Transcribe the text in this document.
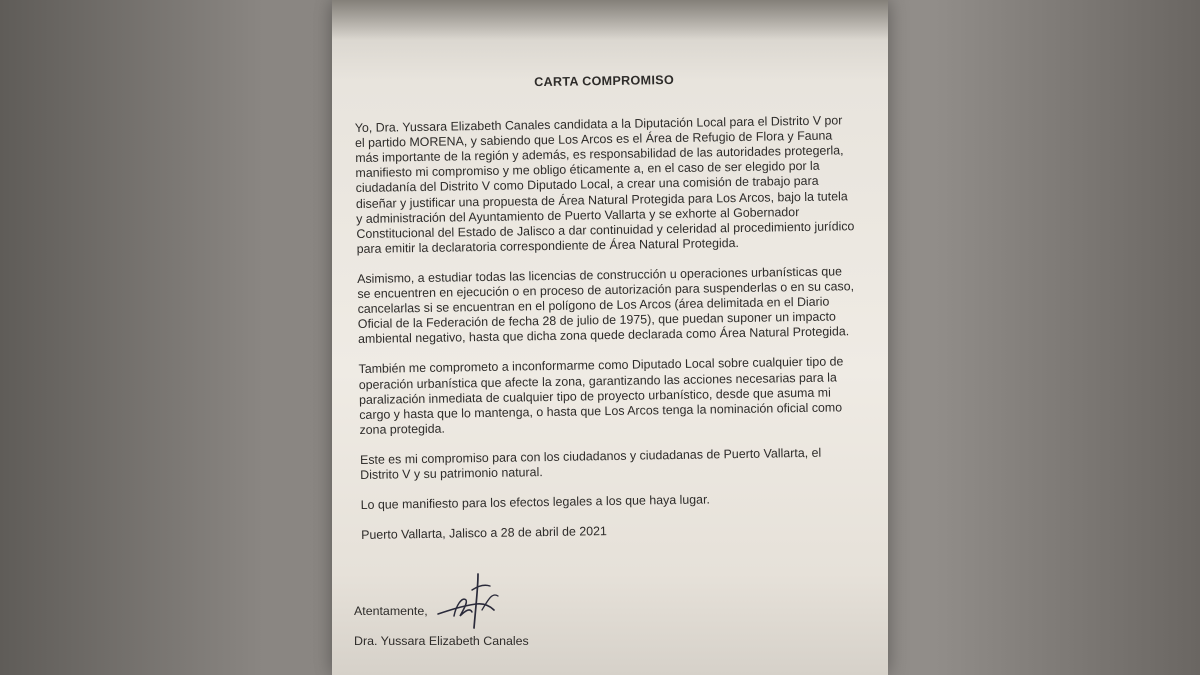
CARTA COMPROMISO

Yo, Dra. Yussara Elizabeth Canales candidata a la Diputación Local para el Distrito V por el partido MORENA, y sabiendo que Los Arcos es el Área de Refugio de Flora y Fauna más importante de la región y además, es responsabilidad de las autoridades protegerla, manifiesto mi compromiso y me obligo éticamente a, en el caso de ser elegido por la ciudadanía del Distrito V como Diputado Local, a crear una comisión de trabajo para diseñar y justificar una propuesta de Área Natural Protegida para Los Arcos, bajo la tutela y administración del Ayuntamiento de Puerto Vallarta y se exhorte al Gobernador Constitucional del Estado de Jalisco a dar continuidad y celeridad al procedimiento jurídico para emitir la declaratoria correspondiente de Área Natural Protegida.

Asimismo, a estudiar todas las licencias de construcción u operaciones urbanísticas que se encuentren en ejecución o en proceso de autorización para suspenderlas o en su caso, cancelarlas si se encuentran en el polígono de Los Arcos (área delimitada en el Diario Oficial de la Federación de fecha 28 de julio de 1975), que puedan suponer un impacto ambiental negativo, hasta que dicha zona quede declarada como Área Natural Protegida.

También me comprometo a inconformarme como Diputado Local sobre cualquier tipo de operación urbanística que afecte la zona, garantizando las acciones necesarias para la paralización inmediata de cualquier tipo de proyecto urbanístico, desde que asuma mi cargo y hasta que lo mantenga, o hasta que Los Arcos tenga la nominación oficial como zona protegida.

Este es mi compromiso para con los ciudadanos y ciudadanas de Puerto Vallarta, el Distrito V y su patrimonio natural.

Lo que manifiesto para los efectos legales a los que haya lugar.

Puerto Vallarta, Jalisco a 28 de abril de 2021

Atentamente,
Dra. Yussara Elizabeth Canales
